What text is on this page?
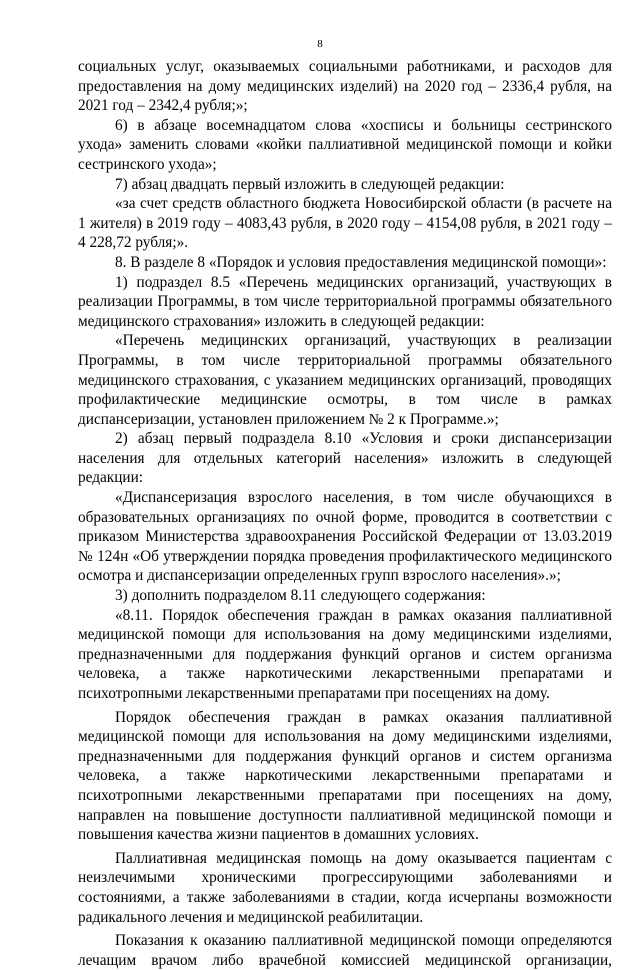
8

социальных услуг, оказываемых социальными работниками, и расходов для предоставления на дому медицинских изделий) на 2020 год – 2336,4 рубля, на 2021 год – 2342,4 рубля;»;

6) в абзаце восемнадцатом слова «хосписы и больницы сестринского ухода» заменить словами «койки паллиативной медицинской помощи и койки сестринского ухода»;

7) абзац двадцать первый изложить в следующей редакции:

«за счет средств областного бюджета Новосибирской области (в расчете на 1 жителя) в 2019 году – 4083,43 рубля, в 2020 году – 4154,08 рубля, в 2021 году – 4 228,72 рубля;».

8. В разделе 8 «Порядок и условия предоставления медицинской помощи»:

1) подраздел 8.5 «Перечень медицинских организаций, участвующих в реализации Программы, в том числе территориальной программы обязательного медицинского страхования» изложить в следующей редакции:

«Перечень медицинских организаций, участвующих в реализации Программы, в том числе территориальной программы обязательного медицинского страхования, с указанием медицинских организаций, проводящих профилактические медицинские осмотры, в том числе в рамках диспансеризации, установлен приложением № 2 к Программе.»;

2) абзац первый подраздела 8.10 «Условия и сроки диспансеризации населения для отдельных категорий населения» изложить в следующей редакции:

«Диспансеризация взрослого населения, в том числе обучающихся в образовательных организациях по очной форме, проводится в соответствии с приказом Министерства здравоохранения Российской Федерации от 13.03.2019 № 124н «Об утверждении порядка проведения профилактического медицинского осмотра и диспансеризации определенных групп взрослого населения».»;

3) дополнить подразделом 8.11 следующего содержания:

«8.11. Порядок обеспечения граждан в рамках оказания паллиативной медицинской помощи для использования на дому медицинскими изделиями, предназначенными для поддержания функций органов и систем организма человека, а также наркотическими лекарственными препаратами и психотропными лекарственными препаратами при посещениях на дому.

Порядок обеспечения граждан в рамках оказания паллиативной медицинской помощи для использования на дому медицинскими изделиями, предназначенными для поддержания функций органов и систем организма человека, а также наркотическими лекарственными препаратами и психотропными лекарственными препаратами при посещениях на дому, направлен на повышение доступности паллиативной медицинской помощи и повышения качества жизни пациентов в домашних условиях.

Паллиативная медицинская помощь на дому оказывается пациентам с неизлечимыми хроническими прогрессирующими заболеваниями и состояниями, а также заболеваниями в стадии, когда исчерпаны возможности радикального лечения и медицинской реабилитации.

Показания к оказанию паллиативной медицинской помощи определяются лечащим врачом либо врачебной комиссией медицинской организации,
